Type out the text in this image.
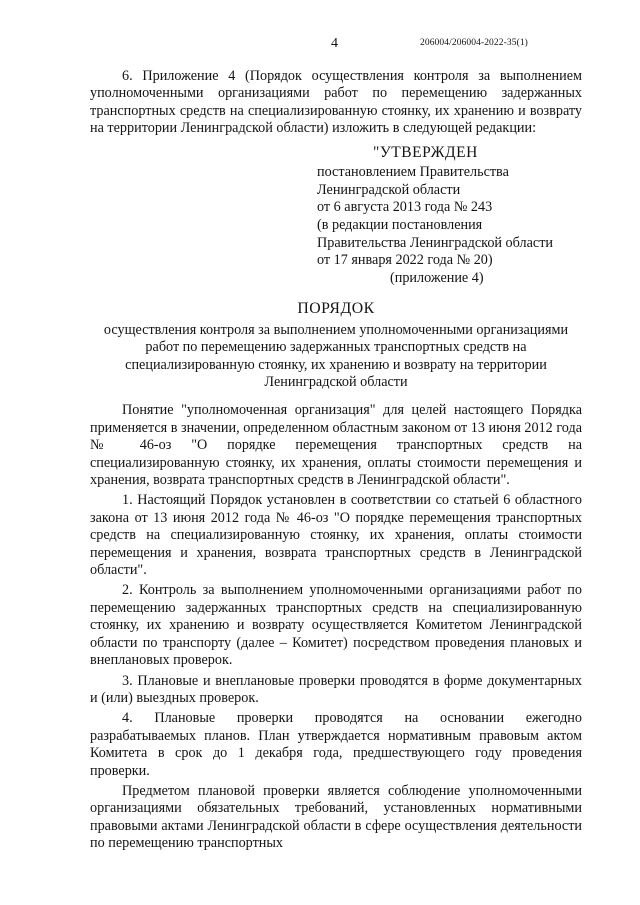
4	206004/206004-2022-35(1)

6. Приложение 4 (Порядок осуществления контроля за выполнением уполномоченными организациями работ по перемещению задержанных транспортных средств на специализированную стоянку, их хранению и возврату на территории Ленинградской области) изложить в следующей редакции:

"УТВЕРЖДЕН
постановлением Правительства
Ленинградской области
от 6 августа 2013 года № 243
(в редакции постановления
Правительства Ленинградской области
от 17 января 2022 года № 20)
(приложение 4)
ПОРЯДОК

осуществления контроля за выполнением уполномоченными организациями работ по перемещению задержанных транспортных средств на специализированную стоянку, их хранению и возврату на территории Ленинградской области

Понятие "уполномоченная организация" для целей настоящего Порядка применяется в значении, определенном областным законом от 13 июня 2012 года № 46-оз "О порядке перемещения транспортных средств на специализированную стоянку, их хранения, оплаты стоимости перемещения и хранения, возврата транспортных средств в Ленинградской области".

1. Настоящий Порядок установлен в соответствии со статьей 6 областного закона от 13 июня 2012 года № 46-оз "О порядке перемещения транспортных средств на специализированную стоянку, их хранения, оплаты стоимости перемещения и хранения, возврата транспортных средств в Ленинградской области".

2. Контроль за выполнением уполномоченными организациями работ по перемещению задержанных транспортных средств на специализированную стоянку, их хранению и возврату осуществляется Комитетом Ленинградской области по транспорту (далее – Комитет) посредством проведения плановых и внеплановых проверок.

3. Плановые и внеплановые проверки проводятся в форме документарных и (или) выездных проверок.

4. Плановые проверки проводятся на основании ежегодно разрабатываемых планов. План утверждается нормативным правовым актом Комитета в срок до 1 декабря года, предшествующего году проведения проверки.

Предметом плановой проверки является соблюдение уполномоченными организациями обязательных требований, установленных нормативными правовыми актами Ленинградской области в сфере осуществления деятельности по перемещению транспортных
